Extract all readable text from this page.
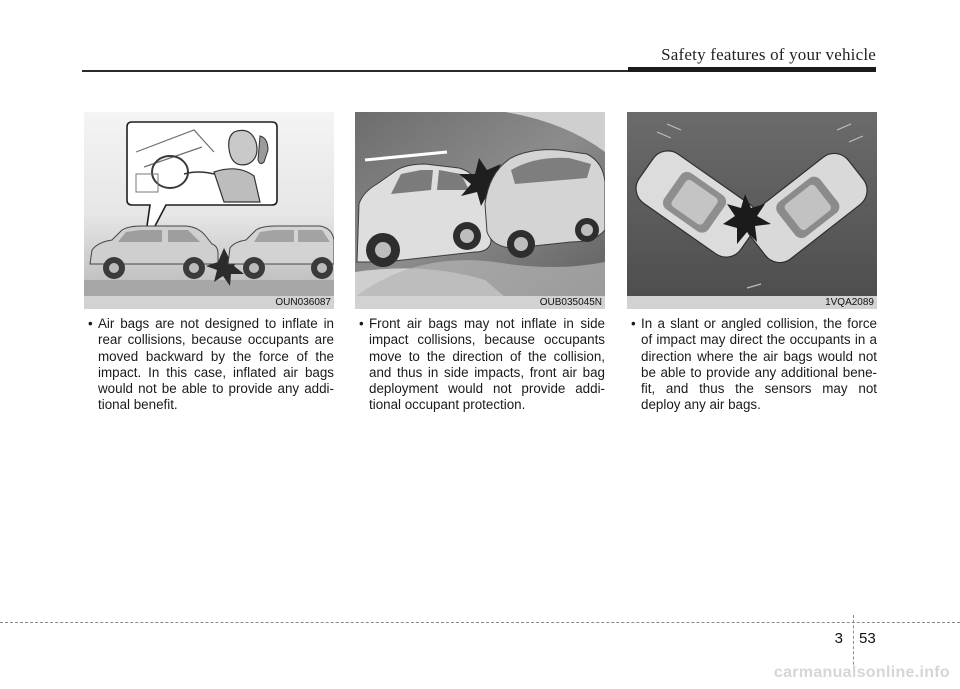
Safety features of your vehicle
OUN036087

• Air bags are not designed to inflate in rear collisions, because occupants are moved backward by the force of the impact. In this case, inflated air bags would not be able to provide any addi-tional benefit.

OUB035045N

• Front air bags may not inflate in side impact collisions, because occupants move to the direction of the collision, and thus in side impacts, front air bag deployment would not provide addi-tional occupant protection.

1VQA2089

• In a slant or angled collision, the force of impact may direct the occupants in a direction where the air bags would not be able to provide any additional bene-fit, and thus the sensors may not deploy any air bags.

3 53
carmanualsonline.info
